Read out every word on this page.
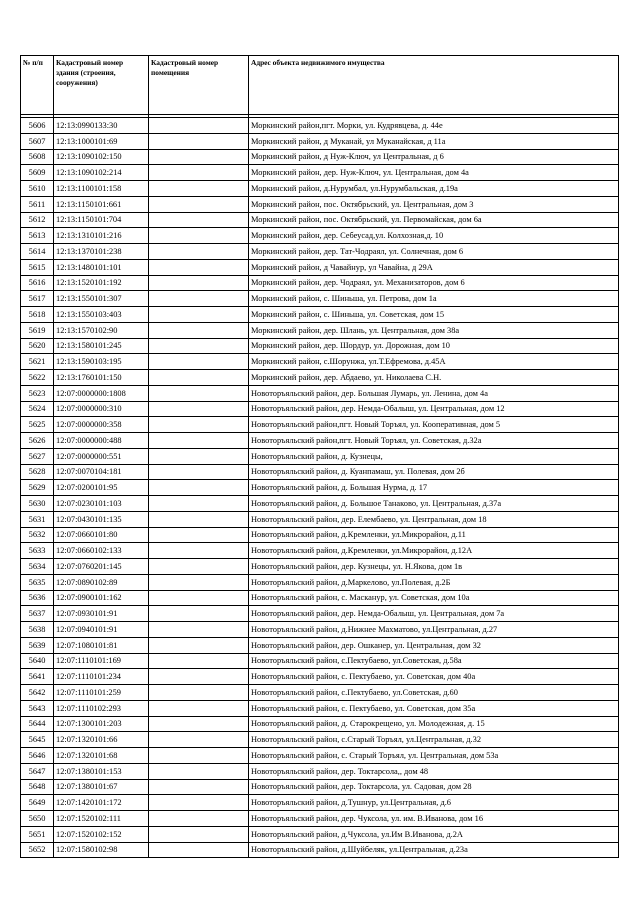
№ п/п	Кадастровый номер здания (строения, сооружения)	Кадастровый номер помещения	Адрес объекта недвижимого имущества

5606	12:13:0990133:30		Моркинский район,пгт. Морки, ул. Кудрявцева, д. 44е
5607	12:13:1000101:69		Моркинский район, д Муканай, ул Муканайская, д 11а
5608	12:13:1090102:150		Моркинский район, д Нуж-Ключ, ул Центральная, д 6
5609	12:13:1090102:214		Моркинский район, дер. Нуж-Ключ, ул. Центральная, дом 4а
5610	12:13:1100101:158		Моркинский район, д.Нурумбал, ул.Нурумбальская, д.19а
5611	12:13:1150101:661		Моркинский район, пос. Октябрьский, ул. Центральная, дом 3
5612	12:13:1150101:704		Моркинский район, пос. Октябрьский, ул. Первомайская, дом 6а
5613	12:13:1310101:216		Моркинский район, дер. Себеусад,ул. Колхозная,д. 10
5614	12:13:1370101:238		Моркинский район, дер. Тат-Чодраял, ул. Солнечная, дом 6
5615	12:13:1480101:101		Моркинский район, д Чавайнур, ул Чавайна, д 29А
5616	12:13:1520101:192		Моркинский район, дер. Чодраял, ул. Механизаторов, дом 6
5617	12:13:1550101:307		Моркинский район, с. Шиньша, ул. Петрова, дом 1а
5618	12:13:1550103:403		Моркинский район, с. Шиньша, ул. Советская, дом 15
5619	12:13:1570102:90		Моркинский район, дер. Шлань, ул. Центральная, дом 38а
5620	12:13:1580101:245		Моркинский район, дер. Шордур, ул. Дорожная, дом 10
5621	12:13:1590103:195		Моркинский район, с.Шорунжа, ул.Т.Ефремова, д.45А
5622	12:13:1760101:150		Моркинский район, дер. Абдаево, ул. Николаева С.Н.
5623	12:07:0000000:1808		Новоторъяльский район, дер. Большая Лумарь, ул. Ленина, дом 4а
5624	12:07:0000000:310		Новоторъяльский район, дер. Немда-Обалыш, ул. Центральная, дом 12
5625	12:07:0000000:358		Новоторъяльский район,пгт. Новый Торъял, ул. Кооперативная, дом 5
5626	12:07:0000000:488		Новоторъяльский район,пгт. Новый Торъял, ул. Советская, д.32а
5627	12:07:0000000:551		Новоторъяльский район, д. Кузнецы,
5628	12:07:0070104:181		Новоторъяльский район, д. Куанпамаш, ул. Полевая, дом 2б
5629	12:07:0200101:95		Новоторъяльский район, д. Большая Нурма, д. 17
5630	12:07:0230101:103		Новоторъяльский район, д. Большое Танаково, ул. Центральная, д.37а
5631	12:07:0430101:135		Новоторъяльский район, дер. Елембаево, ул. Центральная, дом 18
5632	12:07:0660101:80		Новоторъяльский район, д.Кремленки, ул.Микрорайон, д.11
5633	12:07:0660102:133		Новоторъяльский район, д.Кремленки, ул.Микрорайон, д.12А
5634	12:07:0760201:145		Новоторъяльский район, дер. Кузнецы, ул. Н.Яковa, дом 1в
5635	12:07:0890102:89		Новоторъяльский район, д.Маркелово, ул.Полевая, д.2Б
5636	12:07:0900101:162		Новоторъяльский район, с. Масканур, ул. Советская, дом 10а
5637	12:07:0930101:91		Новоторъяльский район, дер. Немда-Обалыш, ул. Центральная, дом 7а
5638	12:07:0940101:91		Новоторъяльский район, д.Нижнее Махматово, ул.Центральная, д.27
5639	12:07:1080101:81		Новоторъяльский район, дер. Ошканер, ул. Центральная, дом 32
5640	12:07:1110101:169		Новоторъяльский район, с.Пектубаево, ул.Советская, д.58а
5641	12:07:1110101:234		Новоторъяльский район, с. Пектубаево, ул. Советская, дом 40а
5642	12:07:1110101:259		Новоторъяльский район, с.Пектубаево, ул.Советская, д.60
5643	12:07:1110102:293		Новоторъяльский район, с. Пектубаево, ул. Советская, дом 35а
5644	12:07:1300101:203		Новоторъяльский район, д. Старокрещено, ул. Молодежная, д. 15
5645	12:07:1320101:66		Новоторъяльский район, с.Старый Торъял, ул.Центральная, д.32
5646	12:07:1320101:68		Новоторъяльский район, с. Старый Торъял, ул. Центральная, дом 53а
5647	12:07:1380101:153		Новоторъяльский район, дер. Токтарсола,, дом 48
5648	12:07:1380101:67		Новоторъяльский район, дер. Токтарсола, ул. Садовая, дом 28
5649	12:07:1420101:172		Новоторъяльский район, д.Тушнур, ул.Центральная, д.6
5650	12:07:1520102:111		Новоторъяльский район, дер. Чуксола, ул. им. В.Иванова, дом 16
5651	12:07:1520102:152		Новоторъяльский район, д.Чуксола, ул.Им В.Иванова, д.2А
5652	12:07:1580102:98		Новоторъяльский район, д.Шуйбеляк, ул.Центральная, д.23а
